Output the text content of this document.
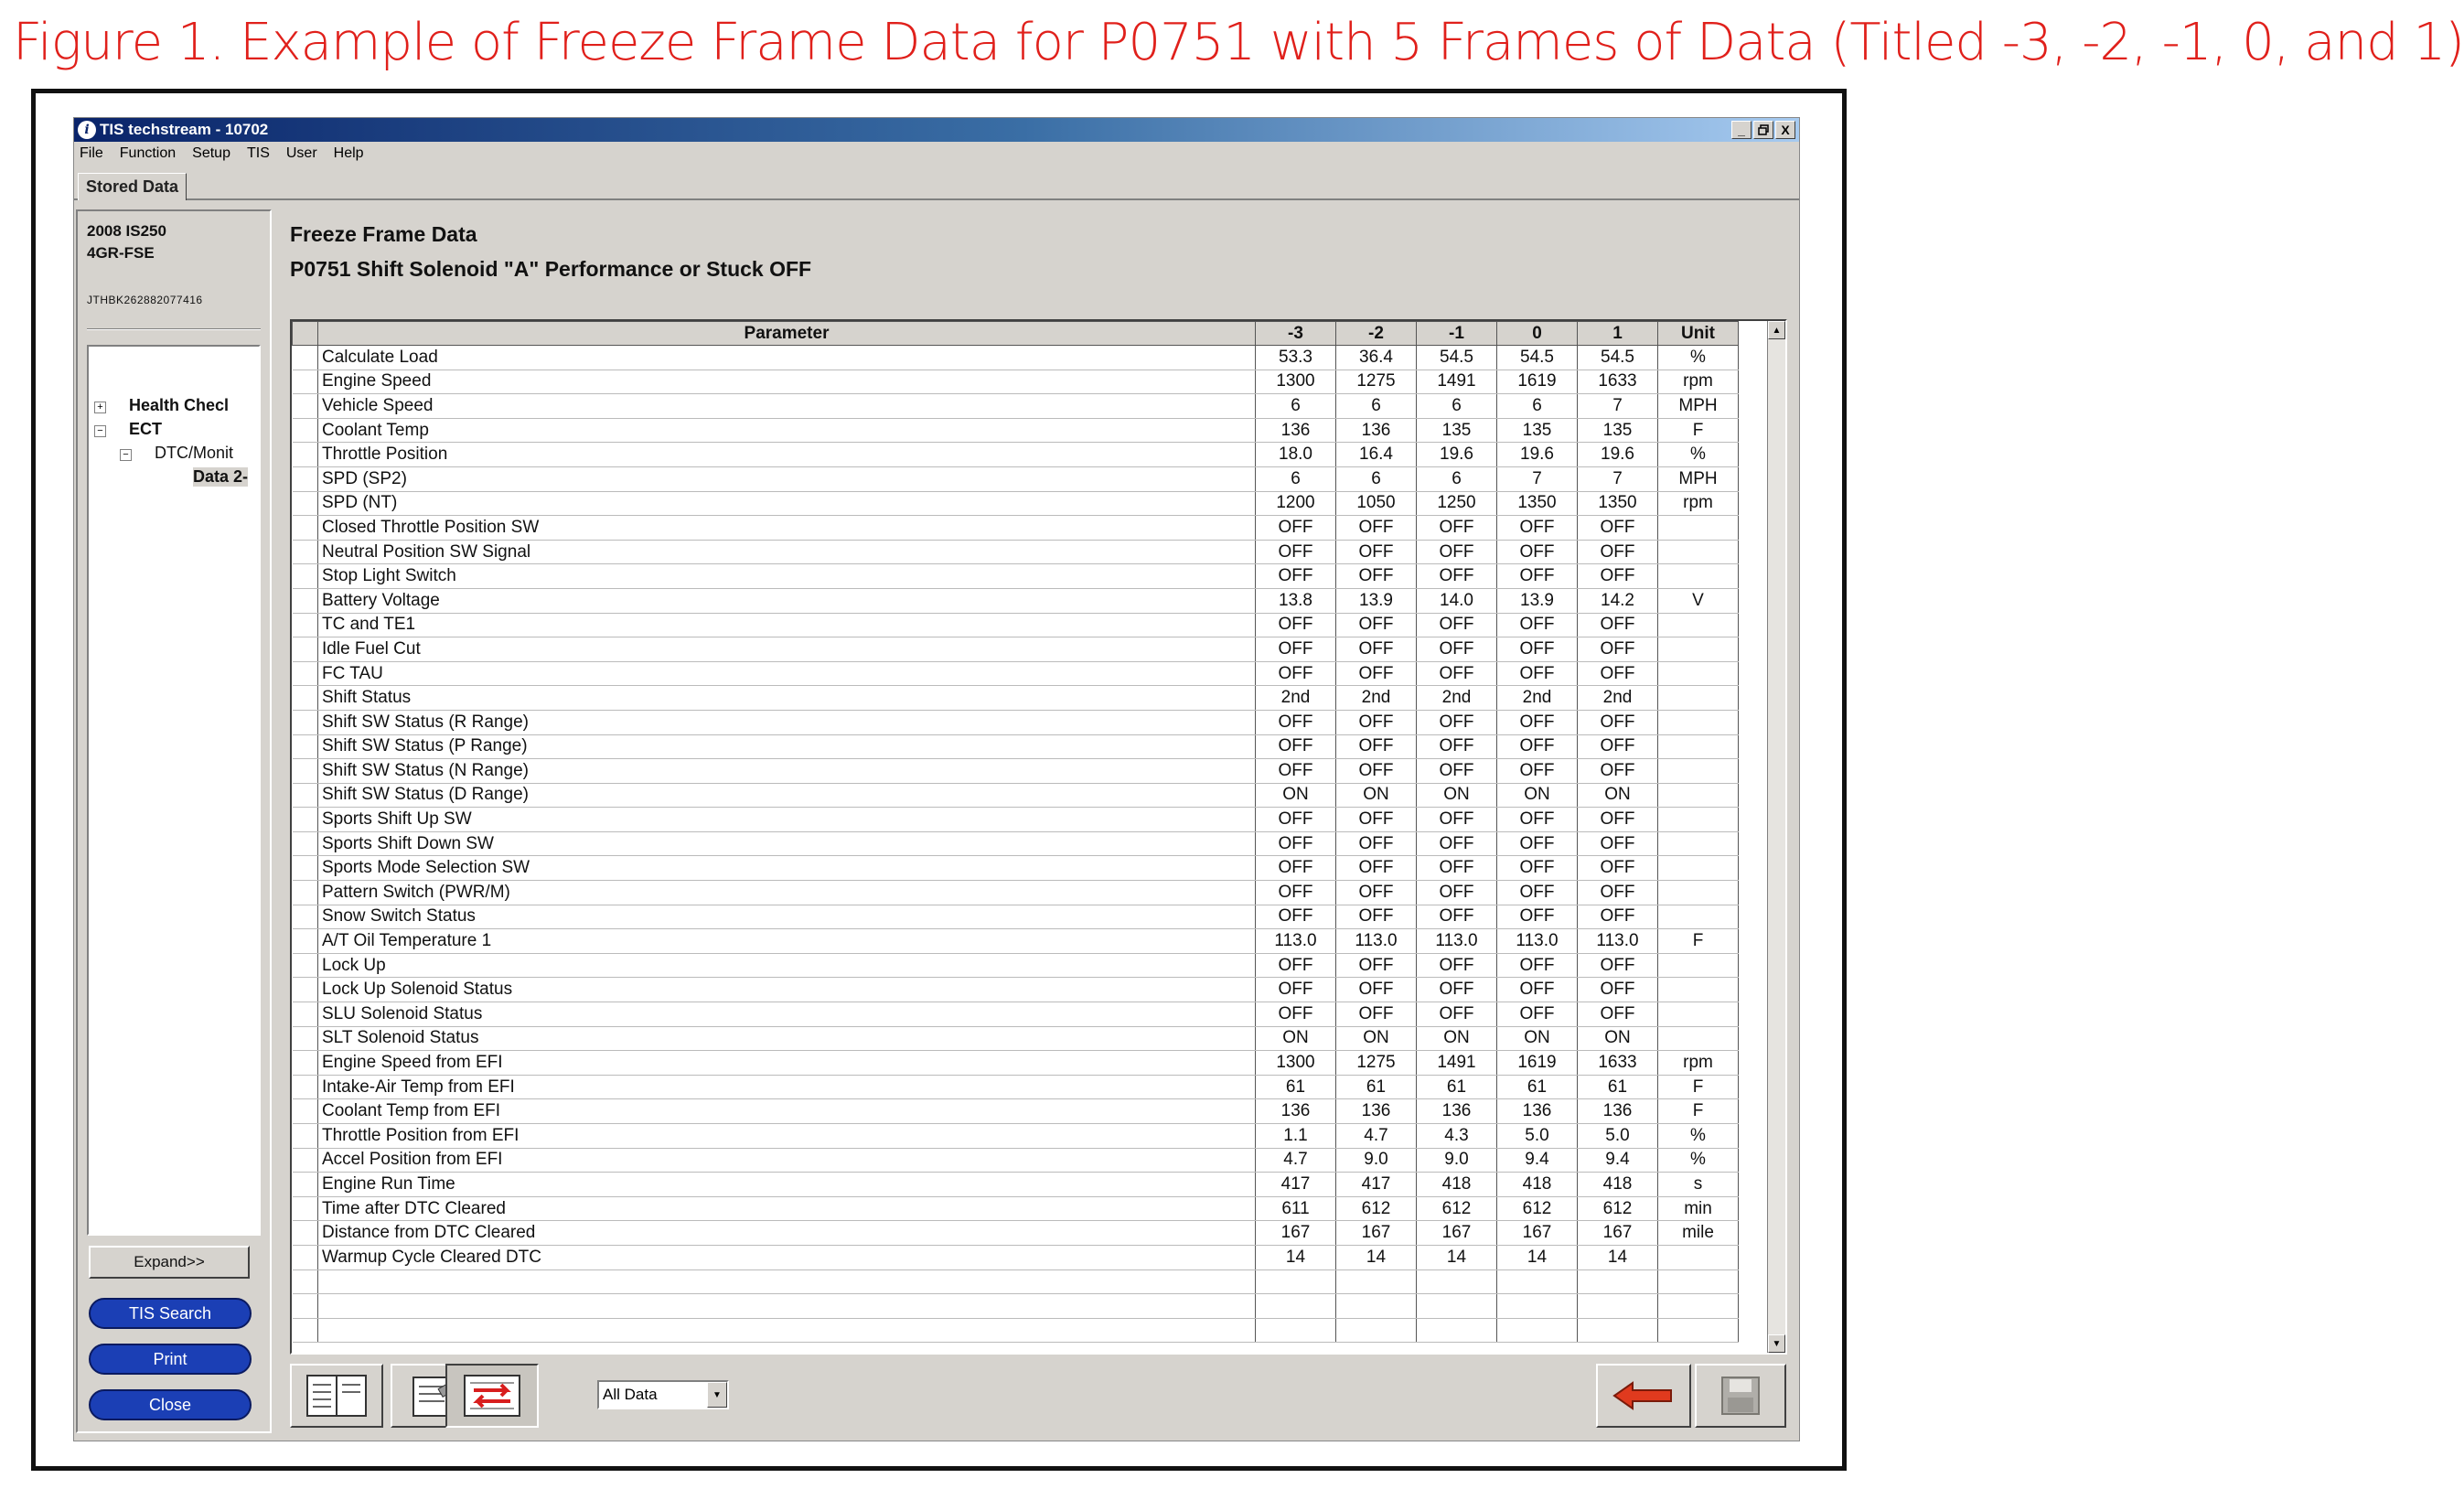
Figure 1. Example of Freeze Frame Data for P0751 with 5 Frames of Data (Titled -3, -2, -1, 0, and 1)
i TIS techstream - 10702	_	X
File Function Setup TIS User Help
Stored Data
2008 IS250
4GR-FSE
JTHBK262882077416
+ Health Checl
− ECT
− DTC/Monit
Data 2-
Expand>>
TIS Search
Print
Close
Freeze Frame Data
P0751 Shift Solenoid "A" Performance or Stuck OFF
	Parameter	-3	-2	-1	0	1	Unit
	Calculate Load	53.3	36.4	54.5	54.5	54.5	%
	Engine Speed	1300	1275	1491	1619	1633	rpm
	Vehicle Speed	6	6	6	6	7	MPH
	Coolant Temp	136	136	135	135	135	F
	Throttle Position	18.0	16.4	19.6	19.6	19.6	%
	SPD (SP2)	6	6	6	7	7	MPH
	SPD (NT)	1200	1050	1250	1350	1350	rpm
	Closed Throttle Position SW	OFF	OFF	OFF	OFF	OFF	
	Neutral Position SW Signal	OFF	OFF	OFF	OFF	OFF	
	Stop Light Switch	OFF	OFF	OFF	OFF	OFF	
	Battery Voltage	13.8	13.9	14.0	13.9	14.2	V
	TC and TE1	OFF	OFF	OFF	OFF	OFF	
	Idle Fuel Cut	OFF	OFF	OFF	OFF	OFF	
	FC TAU	OFF	OFF	OFF	OFF	OFF	
	Shift Status	2nd	2nd	2nd	2nd	2nd	
	Shift SW Status (R Range)	OFF	OFF	OFF	OFF	OFF	
	Shift SW Status (P Range)	OFF	OFF	OFF	OFF	OFF	
	Shift SW Status (N Range)	OFF	OFF	OFF	OFF	OFF	
	Shift SW Status (D Range)	ON	ON	ON	ON	ON	
	Sports Shift Up SW	OFF	OFF	OFF	OFF	OFF	
	Sports Shift Down SW	OFF	OFF	OFF	OFF	OFF	
	Sports Mode Selection SW	OFF	OFF	OFF	OFF	OFF	
	Pattern Switch (PWR/M)	OFF	OFF	OFF	OFF	OFF	
	Snow Switch Status	OFF	OFF	OFF	OFF	OFF	
	A/T Oil Temperature 1	113.0	113.0	113.0	113.0	113.0	F
	Lock Up	OFF	OFF	OFF	OFF	OFF	
	Lock Up Solenoid Status	OFF	OFF	OFF	OFF	OFF	
	SLU Solenoid Status	OFF	OFF	OFF	OFF	OFF	
	SLT Solenoid Status	ON	ON	ON	ON	ON	
	Engine Speed from EFI	1300	1275	1491	1619	1633	rpm
	Intake-Air Temp from EFI	61	61	61	61	61	F
	Coolant Temp from EFI	136	136	136	136	136	F
	Throttle Position from EFI	1.1	4.7	4.3	5.0	5.0	%
	Accel Position from EFI	4.7	9.0	9.0	9.4	9.4	%
	Engine Run Time	417	417	418	418	418	s
	Time after DTC Cleared	611	612	612	612	612	min
	Distance from DTC Cleared	167	167	167	167	167	mile
	Warmup Cycle Cleared DTC	14	14	14	14	14	

▲
▼
All Data	▼
